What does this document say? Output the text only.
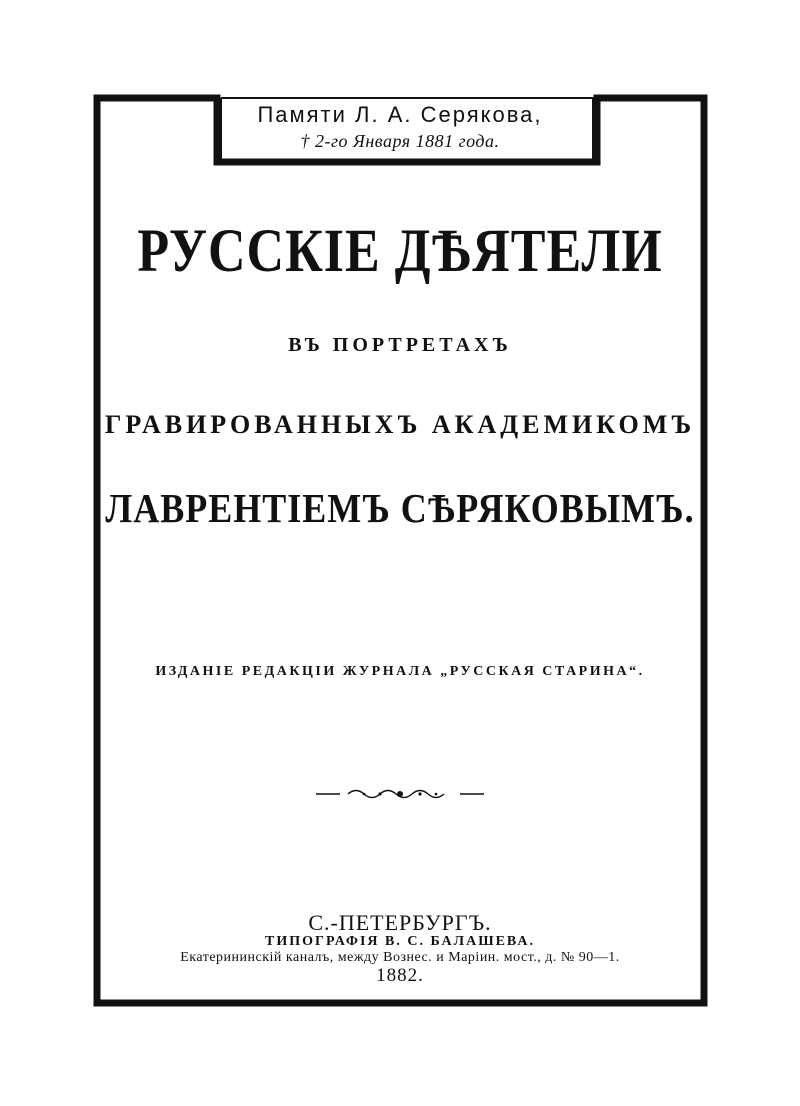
Памяти Л. А. Серякова,
† 2-го Января 1881 года.
РУССКІЕ ДѢЯТЕЛИ
ВЪ ПОРТРЕТАХЪ
ГРАВИРОВАННЫХЪ АКАДЕМИКОМЪ
ЛАВРЕНТІЕМЪ СѢРЯКОВЫМЪ.
ИЗДАНІЕ РЕДАКЦІИ ЖУРНАЛА „РУССКАЯ СТАРИНА“.
С.-ПЕТЕРБУРГЪ.
ТИПОГРАФІЯ В. С. БАЛАШЕВА.
Екатерининскій каналъ, между Вознес. и Маріин. мост., д. № 90—1.
1882.
